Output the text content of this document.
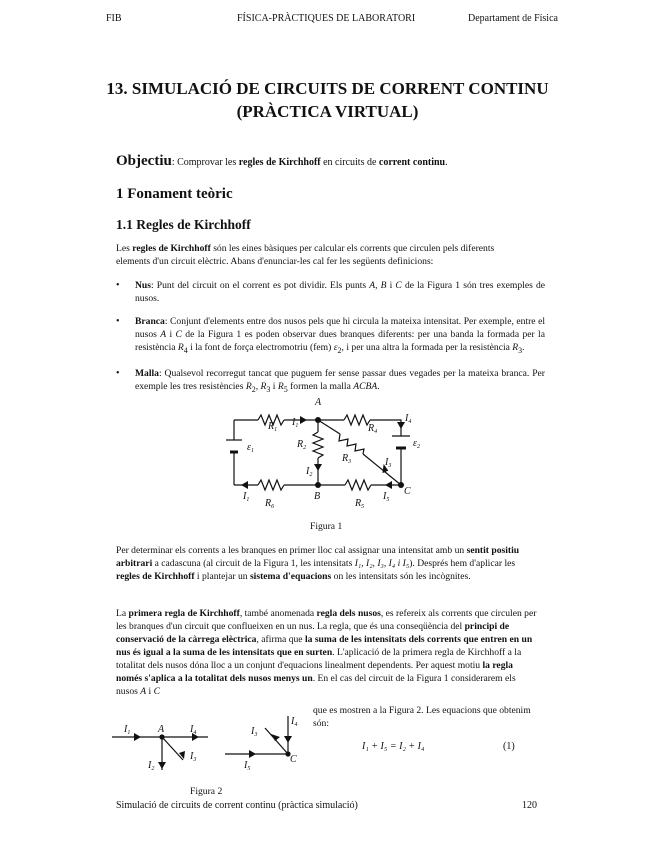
FIB	FÍSICA-PRÀCTIQUES DE LABORATORI	Departament de Física
13. SIMULACIÓ DE CIRCUITS DE CORRENT CONTINU
(PRÀCTICA VIRTUAL)
Objectiu: Comprovar les regles de Kirchhoff en circuits de corrent continu.
1 Fonament teòric
1.1 Regles de Kirchhoff
Les regles de Kirchhoff són les eines bàsiques per calcular els corrents que circulen pels diferents elements d'un circuit elèctric. Abans d'enunciar-les cal fer les següents definicions:
• Nus: Punt del circuit on el corrent es pot dividir. Els punts A, B i C de la Figura 1 són tres exemples de nusos.
• Branca: Conjunt d'elements entre dos nusos pels que hi circula la mateixa intensitat. Per exemple, entre el nusos A i C de la Figura 1 es poden observar dues branques diferents: per una banda la formada per la resistència $R_4$ i la font de força electromotriu (fem) $\varepsilon_2$, i per una altra la formada per la resistència $R_3$.
• Malla: Qualsevol recorregut tancat que puguem fer sense passar dues vegades per la mateixa branca. Per exemple les tres resistències $R_2$, $R_3$ i $R_5$ formen la malla ACBA.
A
B	C
$R_1$
$R_2$
$R_3$
$R_4$
$R_5$
$R_6$
$I_1$
$I_2$
$I_3$
$I_4$
$I_5$
$I_1$
$\varepsilon_1$
$\varepsilon_2$
Figura 1
Per determinar els corrents a les branques en primer lloc cal assignar una intensitat amb un sentit positiu arbitrari a cadascuna (al circuit de la Figura 1, les intensitats I₁, I₂, I₃, I₄ i I₅). Després hem d'aplicar les regles de Kirchhoff i plantejar un sistema d'equacions on les intensitats són les incògnites.
La primera regla de Kirchhoff, també anomenada regla dels nusos, es refereix als corrents que circulen per les branques d'un circuit que conflueixen en un nus. La regla, que és una conseqüència del principi de conservació de la càrrega elèctrica, afirma que la suma de les intensitats dels corrents que entren en un nus és igual a la suma de les intensitats que en surten. L'aplicació de la primera regla de Kirchhoff a la totalitat dels nusos dóna lloc a un conjunt d'equacions linealment dependents. Per aquest motiu la regla només s'aplica a la totalitat dels nusos menys un. En el cas del circuit de la Figura 1 considerarem els nusos A i C
que es mostren a la Figura 2. Les equacions que obtenim són:
I₁ + I₅ = I₂ + I₄	(1)
$I_1$	A	$I_4$
$I_2$
$I_3$
$I_3$
$I_4$
$I_5$
C
Figura 2
Simulació de circuits de corrent continu (pràctica simulació)	120
